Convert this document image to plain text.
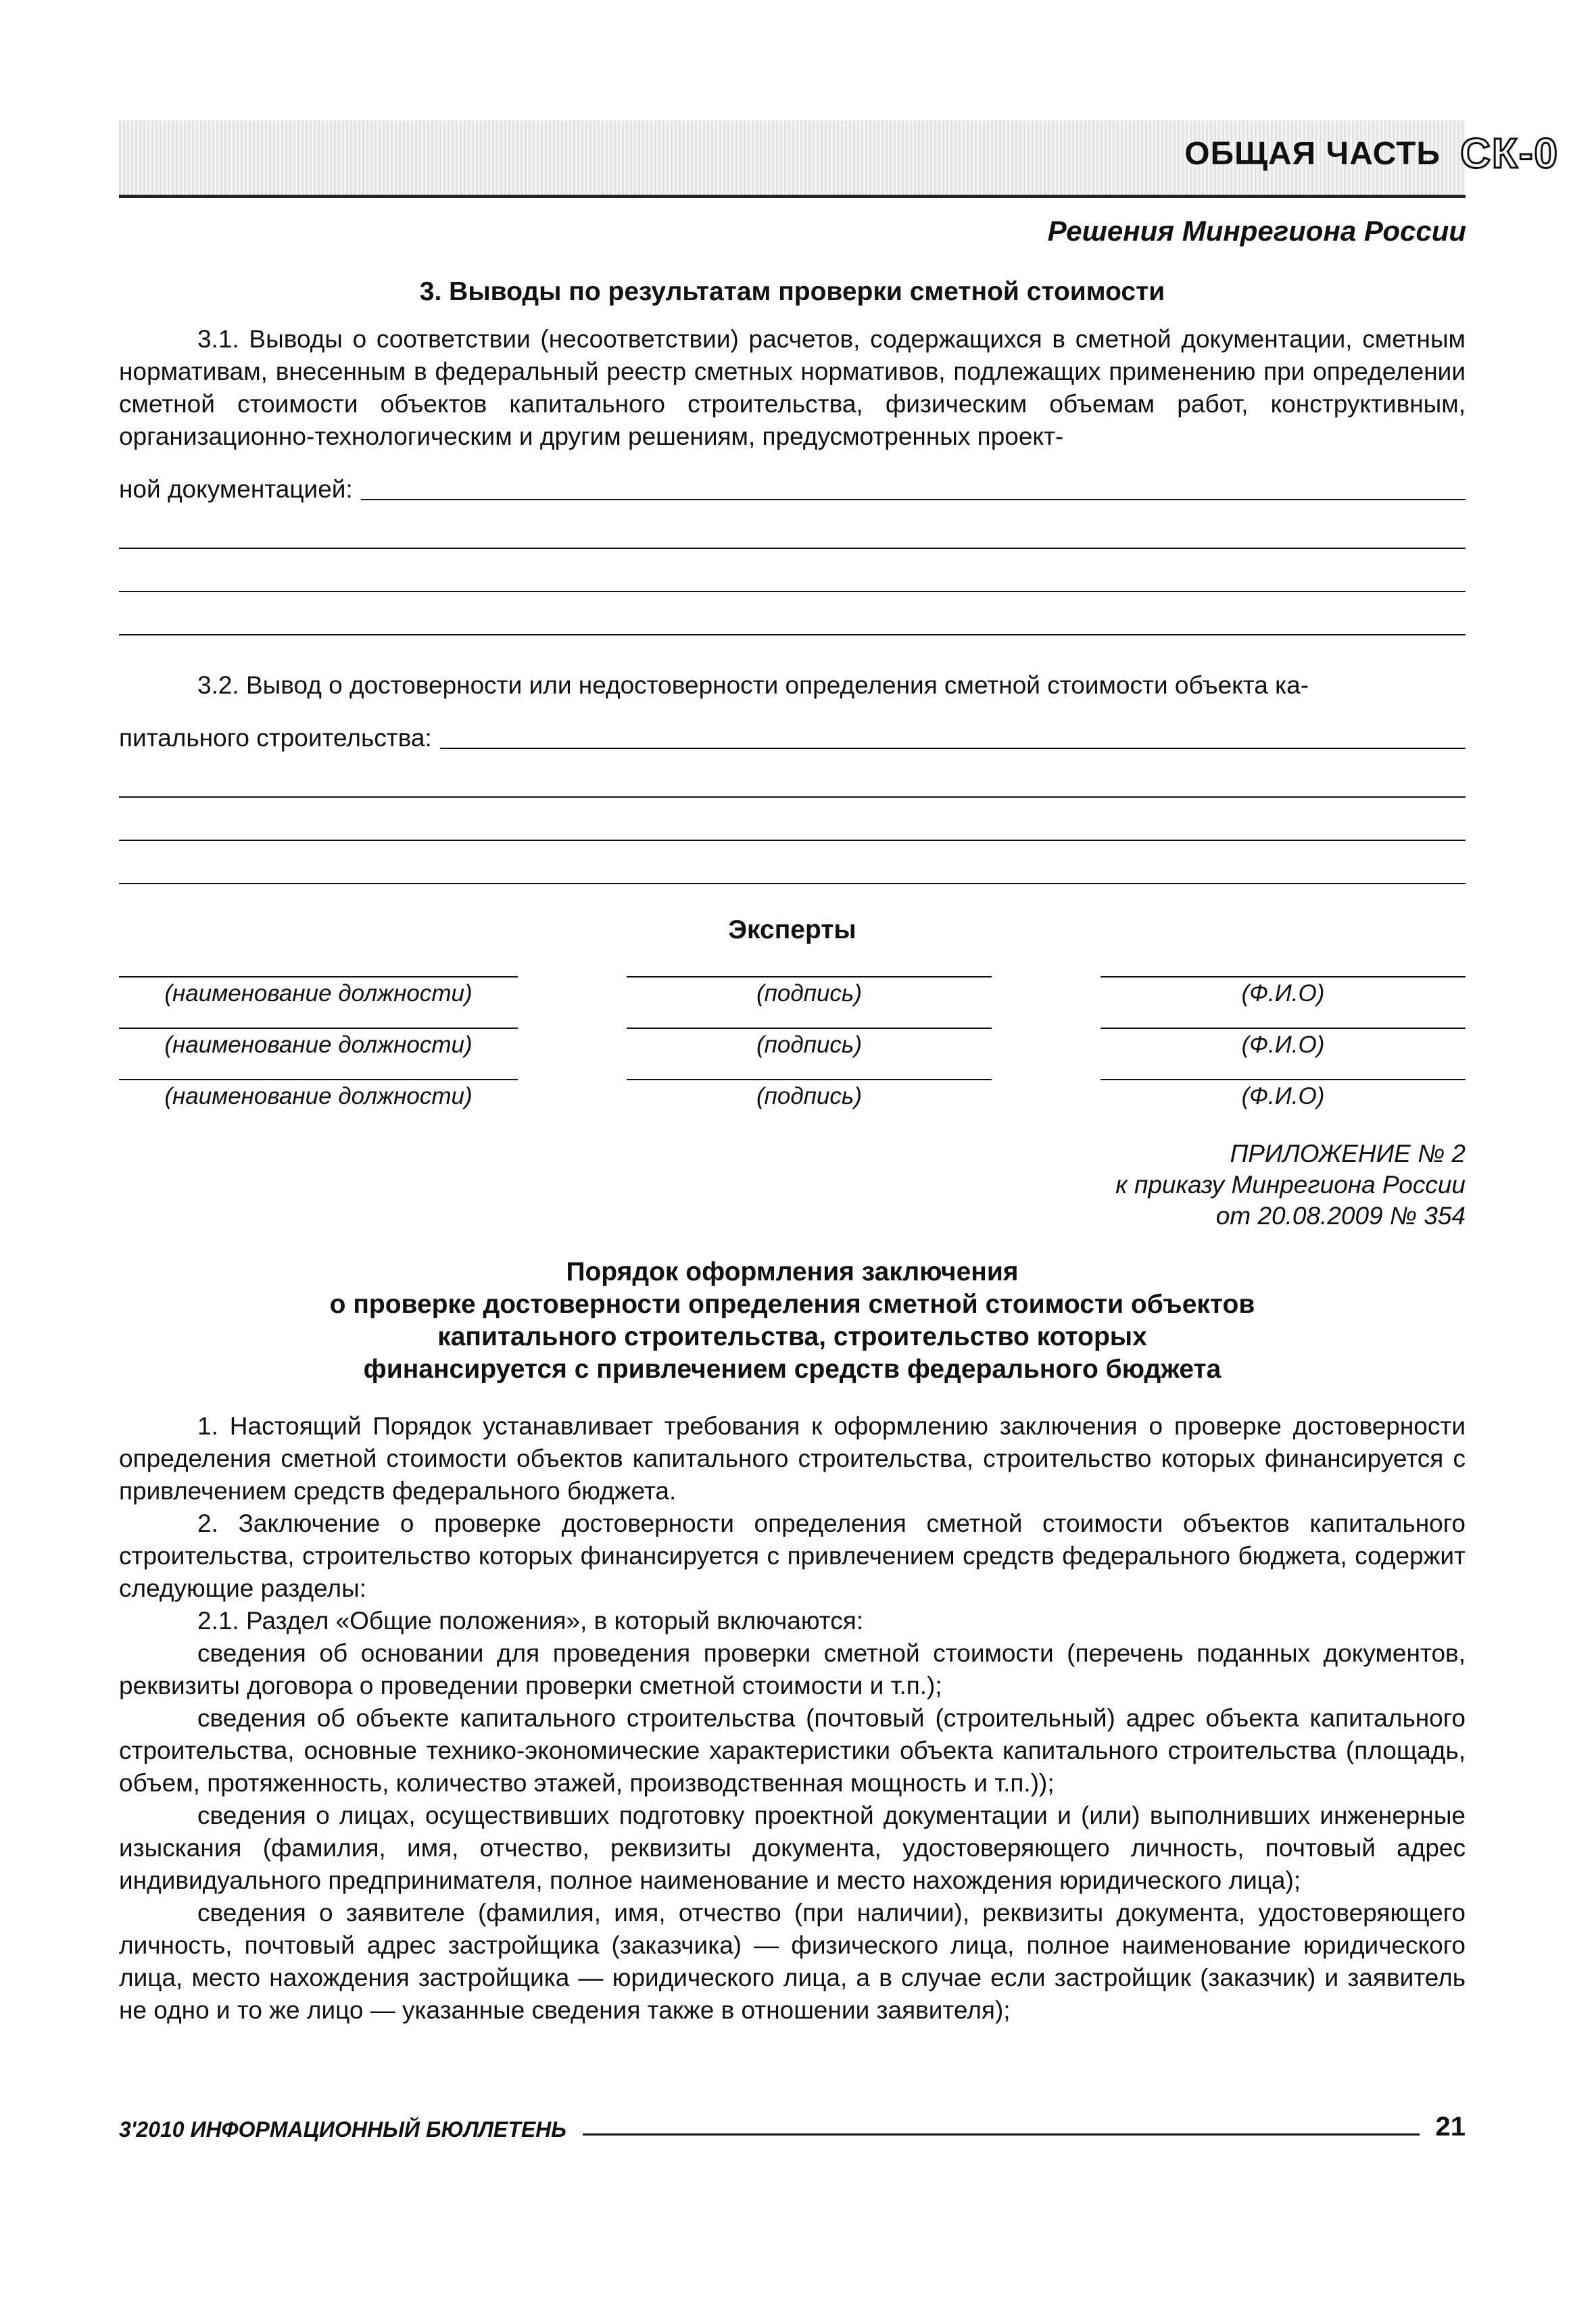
ОБЩАЯ ЧАСТЬ СК-0
Решения Минрегиона России
3. Выводы по результатам проверки сметной стоимости

3.1. Выводы о соответствии (несоответствии) расчетов, содержащихся в сметной документации, сметным нормативам, внесенным в федеральный реестр сметных нормативов, подлежащих применению при определении сметной стоимости объектов капитального строительства, физическим объемам работ, конструктивным, организационно-технологическим и другим решениям, предусмотренных проект-

ной документацией:

3.2. Вывод о достоверности или недостоверности определения сметной стоимости объекта ка-

питального строительства:
Эксперты
(наименование должности)	(подпись)	(Ф.И.О)
(наименование должности)	(подпись)	(Ф.И.О)
(наименование должности)	(подпись)	(Ф.И.О)
ПРИЛОЖЕНИЕ № 2
к приказу Минрегиона России
от 20.08.2009 № 354
Порядок оформления заключения
о проверке достоверности определения сметной стоимости объектов
капитального строительства, строительство которых
финансируется с привлечением средств федерального бюджета

1. Настоящий Порядок устанавливает требования к оформлению заключения о проверке достоверности определения сметной стоимости объектов капитального строительства, строительство которых финансируется с привлечением средств федерального бюджета.

2. Заключение о проверке достоверности определения сметной стоимости объектов капитального строительства, строительство которых финансируется с привлечением средств федерального бюджета, содержит следующие разделы:

2.1. Раздел «Общие положения», в который включаются:

сведения об основании для проведения проверки сметной стоимости (перечень поданных документов, реквизиты договора о проведении проверки сметной стоимости и т.п.);

сведения об объекте капитального строительства (почтовый (строительный) адрес объекта капитального строительства, основные технико-экономические характеристики объекта капитального строительства (площадь, объем, протяженность, количество этажей, производственная мощность и т.п.));

сведения о лицах, осуществивших подготовку проектной документации и (или) выполнивших инженерные изыскания (фамилия, имя, отчество, реквизиты документа, удостоверяющего личность, почтовый адрес индивидуального предпринимателя, полное наименование и место нахождения юридического лица);

сведения о заявителе (фамилия, имя, отчество (при наличии), реквизиты документа, удостоверяющего личность, почтовый адрес застройщика (заказчика) — физического лица, полное наименование юридического лица, место нахождения застройщика — юридического лица, а в случае если застройщик (заказчик) и заявитель не одно и то же лицо — указанные сведения также в отношении заявителя);

3'2010 ИНФОРМАЦИОННЫЙ БЮЛЛЕТЕНЬ	21
